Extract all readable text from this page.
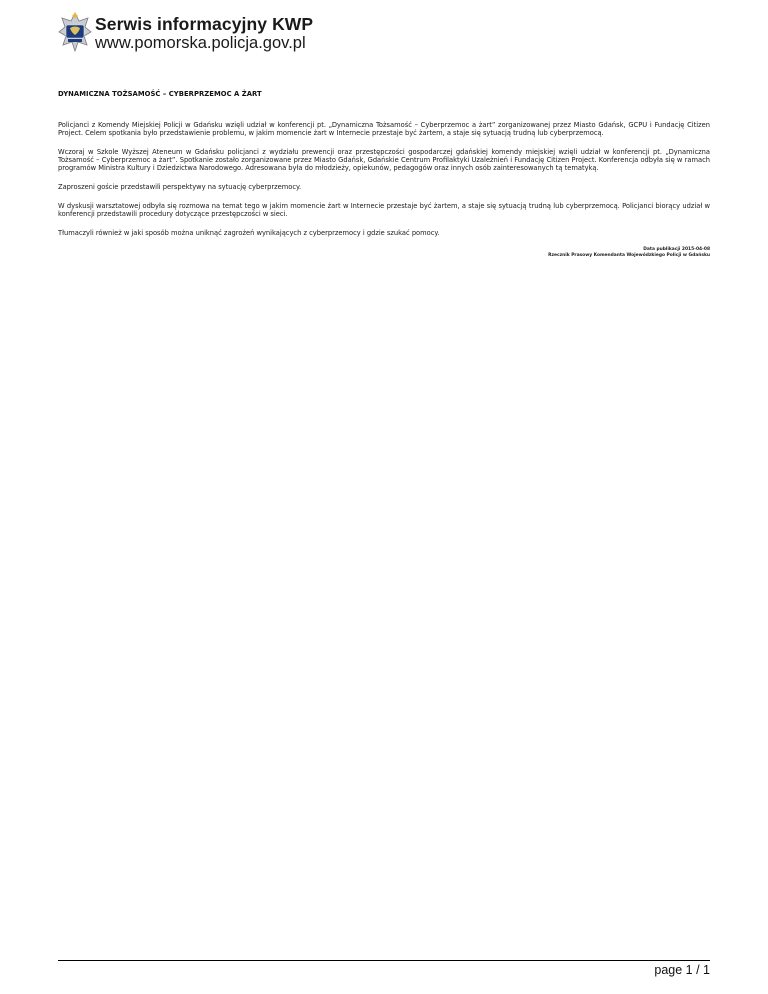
Serwis informacyjny KWP
www.pomorska.policja.gov.pl
DYNAMICZNA TOŻSAMOŚĆ – CYBERPRZEMOC A ŻART

Policjanci z Komendy Miejskiej Policji w Gdańsku wzięli udział w konferencji pt. „Dynamiczna Tożsamość – Cyberprzemoc a żart” zorganizowanej przez Miasto Gdańsk, GCPU i Fundację Citizen Project. Celem spotkania było przedstawienie problemu, w jakim momencie żart w Internecie przestaje być żartem, a staje się sytuacją trudną lub cyberprzemocą.

Wczoraj w Szkole Wyższej Ateneum w Gdańsku policjanci z wydziału prewencji oraz przestępczości gospodarczej gdańskiej komendy miejskiej wzięli udział w konferencji pt. „Dynamiczna Tożsamość – Cyberprzemoc a żart”. Spotkanie zostało zorganizowane przez Miasto Gdańsk, Gdańskie Centrum Profilaktyki Uzależnień i Fundację Citizen Project. Konferencja odbyła się w ramach programów Ministra Kultury i Dziedzictwa Narodowego. Adresowana była do młodzieży, opiekunów, pedagogów oraz innych osób zainteresowanych tą tematyką.

Zaproszeni goście przedstawili perspektywy na sytuację cyberprzemocy.

W dyskusji warsztatowej odbyła się rozmowa na temat tego w jakim momencie żart w Internecie przestaje być żartem, a staje się sytuacją trudną lub cyberprzemocą. Policjanci biorący udział w konferencji przedstawili procedury dotyczące przestępczości w sieci.

Tłumaczyli również w jaki sposób można uniknąć zagrożeń wynikających z cyberprzemocy i gdzie szukać pomocy.

Data publikacji 2015-04-08
Rzecznik Prasowy Komendanta Wojewódzkiego Policji w Gdańsku
page 1 / 1
